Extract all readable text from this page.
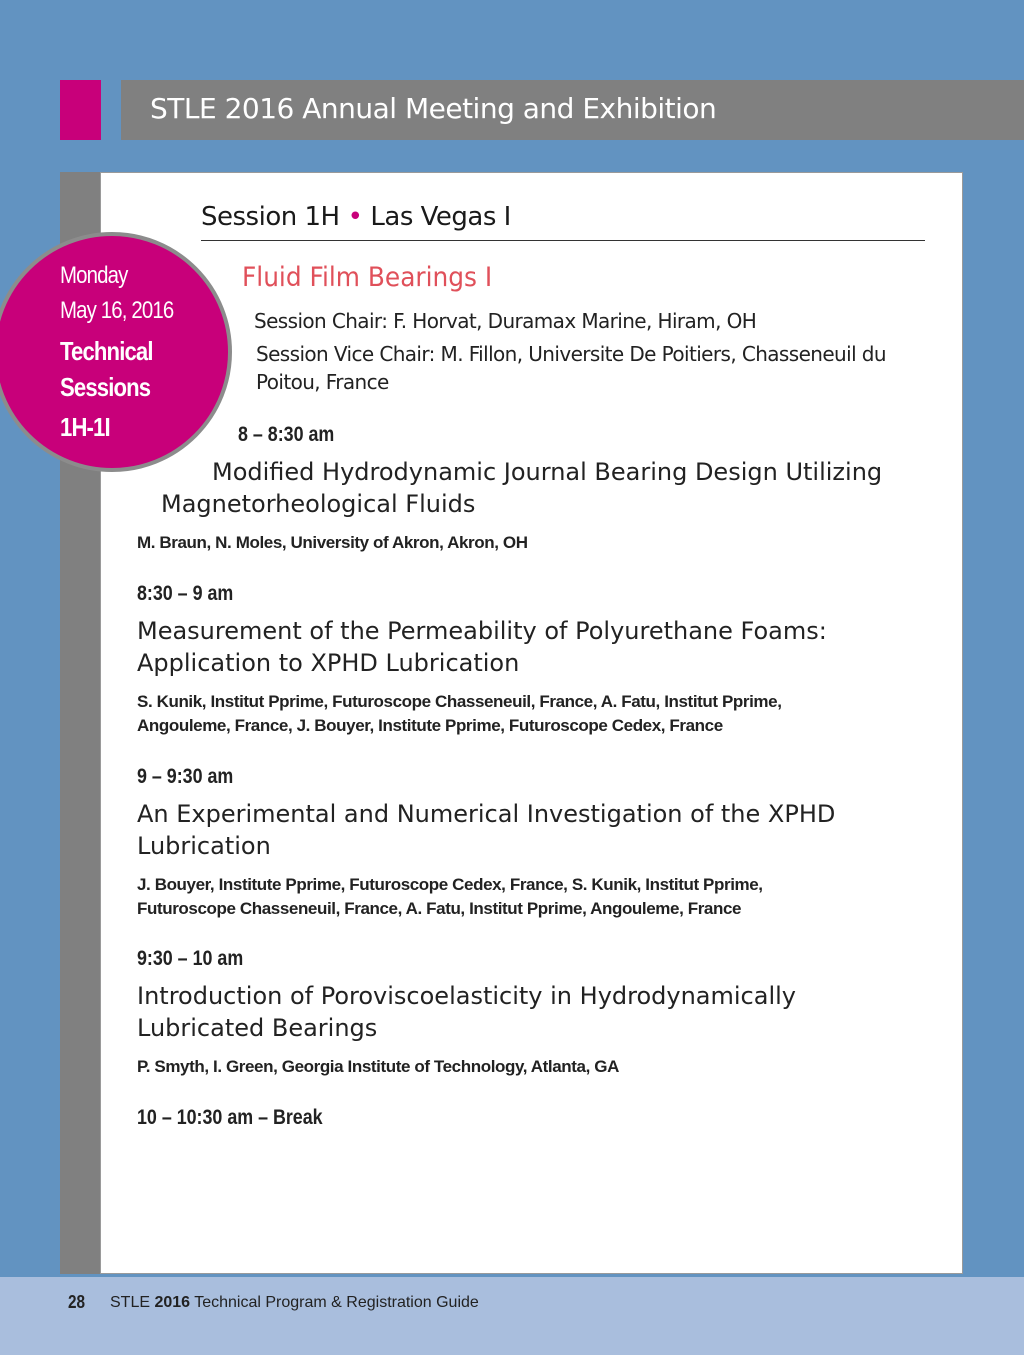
STLE 2016 Annual Meeting and Exhibition
Session 1H • Las Vegas I
Monday
May 16, 2016
Technical
Sessions
1H-1I
Fluid Film Bearings I
Session Chair: F. Horvat, Duramax Marine, Hiram, OH
Session Vice Chair: M. Fillon, Universite De Poitiers, Chasseneuil du
Poitou, France
8 – 8:30 am
Modified Hydrodynamic Journal Bearing Design Utilizing
Magnetorheological Fluids
M. Braun, N. Moles, University of Akron, Akron, OH
8:30 – 9 am
Measurement of the Permeability of Polyurethane Foams:
Application to XPHD Lubrication
S. Kunik, Institut Pprime, Futuroscope Chasseneuil, France, A. Fatu, Institut Pprime,
Angouleme, France, J. Bouyer, Institute Pprime, Futuroscope Cedex, France
9 – 9:30 am
An Experimental and Numerical Investigation of the XPHD
Lubrication
J. Bouyer, Institute Pprime, Futuroscope Cedex, France, S. Kunik, Institut Pprime,
Futuroscope Chasseneuil, France, A. Fatu, Institut Pprime, Angouleme, France
9:30 – 10 am
Introduction of Poroviscoelasticity in Hydrodynamically
Lubricated Bearings
P. Smyth, I. Green, Georgia Institute of Technology, Atlanta, GA
10 – 10:30 am – Break
28 STLE 2016 Technical Program & Registration Guide
